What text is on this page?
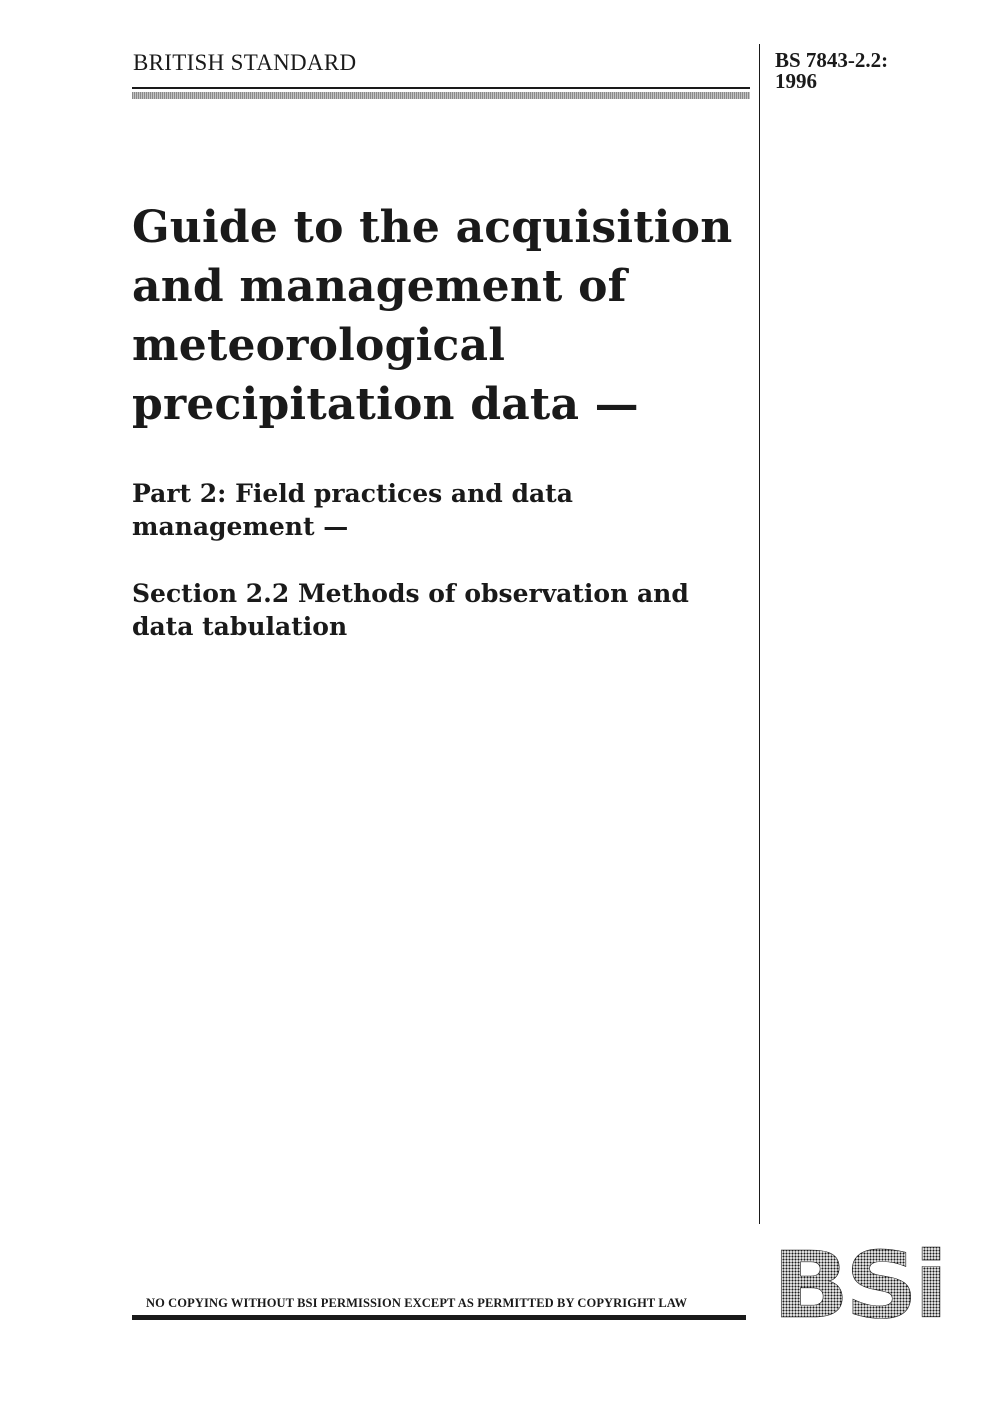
BRITISH STANDARD	BS 7843-2.2:
1996
Guide to the acquisition
and management of
meteorological
precipitation data —
Part 2: Field practices and data
management —
Section 2.2 Methods of observation and
data tabulation
NO COPYING WITHOUT BSI PERMISSION EXCEPT AS PERMITTED BY COPYRIGHT LAW BSi
